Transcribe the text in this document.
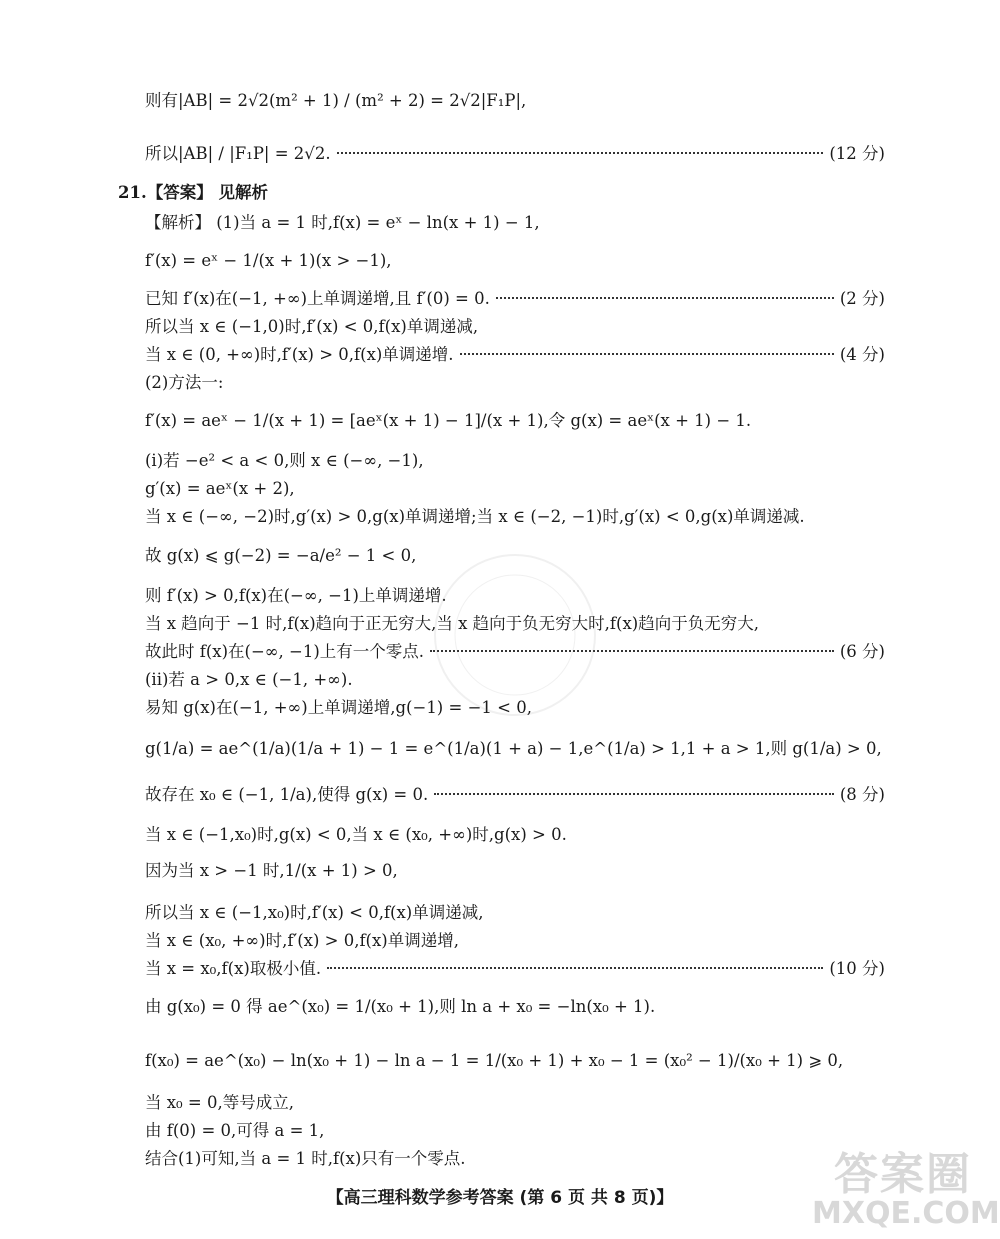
则有|AB| = 2√2(m² + 1) / (m² + 2) = 2√2|F₁P|,
所以|AB| / |F₁P| = 2√2.	(12 分)
21.【答案】 见解析
【解析】 (1)当 a = 1 时,f(x) = eˣ − ln(x + 1) − 1,
f′(x) = eˣ − 1/(x + 1)(x > −1),
已知 f′(x)在(−1, +∞)上单调递增,且 f′(0) = 0.	(2 分)
所以当 x ∈ (−1,0)时,f′(x) < 0,f(x)单调递减,
当 x ∈ (0, +∞)时,f′(x) > 0,f(x)单调递增.	(4 分)
(2)方法一:
f′(x) = aeˣ − 1/(x + 1) = [aeˣ(x + 1) − 1]/(x + 1),令 g(x) = aeˣ(x + 1) − 1.
(i)若 −e² < a < 0,则 x ∈ (−∞, −1),
g′(x) = aeˣ(x + 2),
当 x ∈ (−∞, −2)时,g′(x) > 0,g(x)单调递增;当 x ∈ (−2, −1)时,g′(x) < 0,g(x)单调递减.
故 g(x) ⩽ g(−2) = −a/e² − 1 < 0,
则 f′(x) > 0,f(x)在(−∞, −1)上单调递增.
当 x 趋向于 −1 时,f(x)趋向于正无穷大,当 x 趋向于负无穷大时,f(x)趋向于负无穷大,
故此时 f(x)在(−∞, −1)上有一个零点.	(6 分)
(ii)若 a > 0,x ∈ (−1, +∞).
易知 g(x)在(−1, +∞)上单调递增,g(−1) = −1 < 0,
g(1/a) = ae^(1/a)(1/a + 1) − 1 = e^(1/a)(1 + a) − 1,e^(1/a) > 1,1 + a > 1,则 g(1/a) > 0,
故存在 x₀ ∈ (−1, 1/a),使得 g(x) = 0.	(8 分)
当 x ∈ (−1,x₀)时,g(x) < 0,当 x ∈ (x₀, +∞)时,g(x) > 0.
因为当 x > −1 时,1/(x + 1) > 0,
所以当 x ∈ (−1,x₀)时,f′(x) < 0,f(x)单调递减,
当 x ∈ (x₀, +∞)时,f′(x) > 0,f(x)单调递增,
当 x = x₀,f(x)取极小值.	(10 分)
由 g(x₀) = 0 得 ae^(x₀) = 1/(x₀ + 1),则 ln a + x₀ = −ln(x₀ + 1).
f(x₀) = ae^(x₀) − ln(x₀ + 1) − ln a − 1 = 1/(x₀ + 1) + x₀ − 1 = (x₀² − 1)/(x₀ + 1) ⩾ 0,
当 x₀ = 0,等号成立,
由 f(0) = 0,可得 a = 1,
结合(1)可知,当 a = 1 时,f(x)只有一个零点.
【高三理科数学参考答案 (第 6 页 共 8 页)】	答案圈
MXQE.COM
